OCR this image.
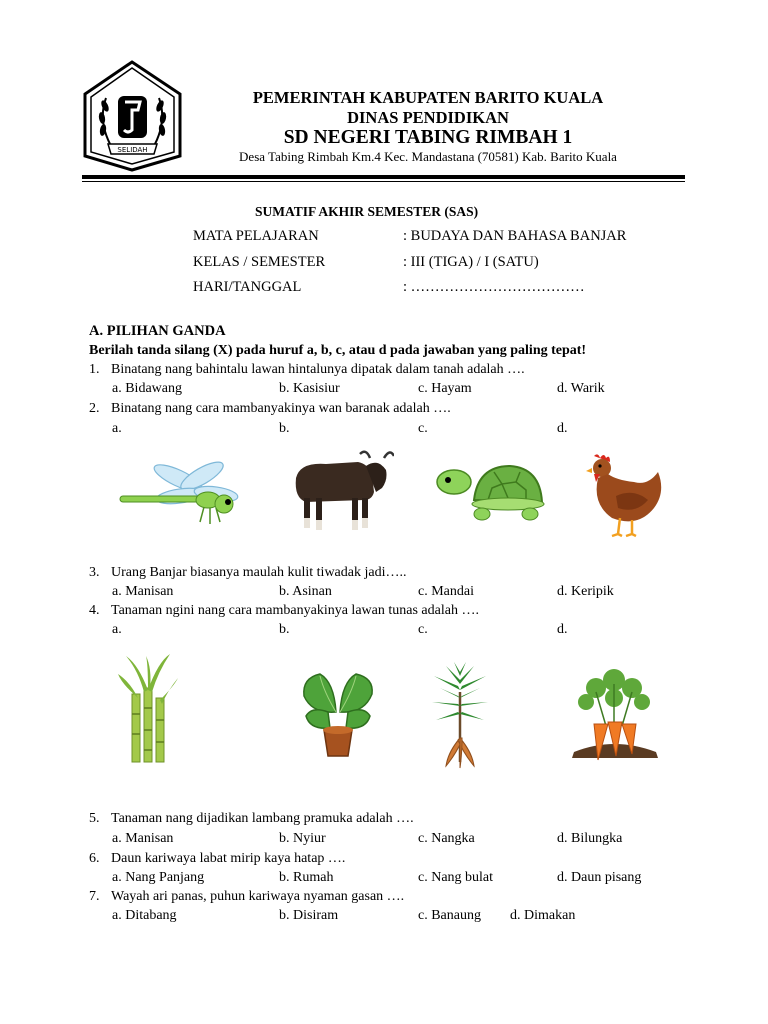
SELIDAH
PEMERINTAH KABUPATEN BARITO KUALA
DINAS PENDIDIKAN
SD NEGERI TABING RIMBAH 1
Desa Tabing Rimbah Km.4 Kec. Mandastana (70581) Kab. Barito Kuala
SUMATIF AKHIR SEMESTER (SAS)
MATA PELAJARAN	: BUDAYA DAN BAHASA BANJAR
KELAS / SEMESTER	: III (TIGA) / I (SATU)
HARI/TANGGAL	: ………………………………
A. PILIHAN GANDA
Berilah tanda silang (X) pada huruf a, b, c, atau d pada jawaban yang paling tepat!
1. Binatang nang bahintalu lawan hintalunya dipatak dalam tanah adalah ….
a. Bidawang	b. Kasisiur	c. Hayam	d. Warik
2. Binatang nang cara mambanyakinya wan baranak adalah ….
a.	b.	c.	d.
3. Urang Banjar biasanya maulah kulit tiwadak jadi…..
a. Manisan	b. Asinan	c. Mandai	d. Keripik
4. Tanaman ngini nang cara mambanyakinya lawan tunas adalah ….
a.	b.	c.	d.
5. Tanaman nang dijadikan lambang pramuka adalah ….
a. Manisan	b. Nyiur	c. Nangka	d. Bilungka
6. Daun kariwaya labat mirip kaya hatap ….
a. Nang Panjang	b. Rumah	c. Nang bulat	d. Daun pisang
7. Wayah ari panas, puhun kariwaya nyaman gasan ….
a. Ditabang	b. Disiram	c. Banaung d. Dimakan
